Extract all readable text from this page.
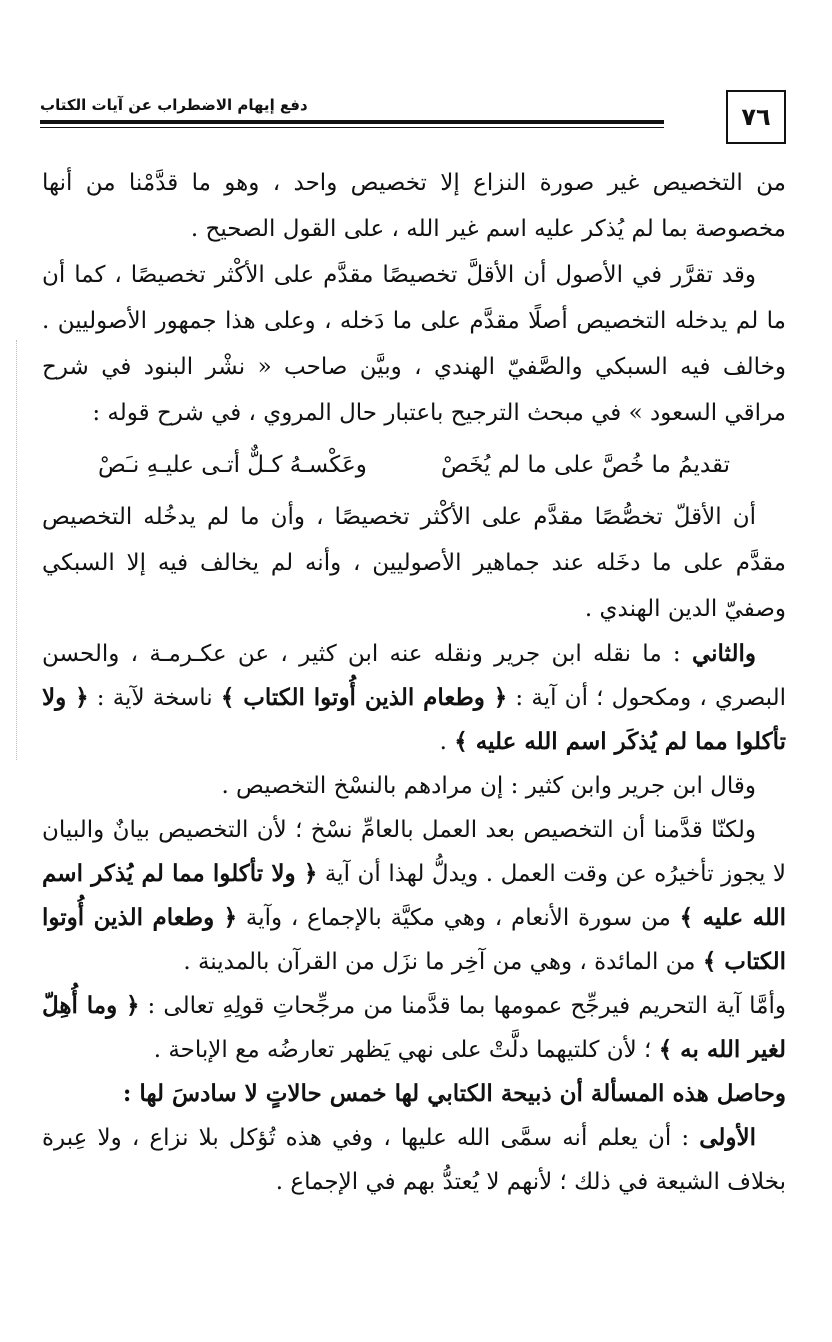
دفع إيهام الاضطراب عن آيات الكتاب	٧٦

من التخصيص غير صورة النزاع إلا تخصيص واحد ، وهو ما قدَّمْنا من أنها مخصوصة بما لم يُذكر عليه اسم غير الله ، على القول الصحيح .

وقد تقرَّر في الأصول أن الأقلَّ تخصيصًا مقدَّم على الأكْثر تخصيصًا ، كما أن ما لم يدخله التخصيص أصلًا مقدَّم على ما دَخله ، وعلى هذا جمهور الأصوليين . وخالف فيه السبكي والصَّفيّ الهندي ، وبيَّن صاحب « نشْر البنود في شرح مراقي السعود » في مبحث الترجيح باعتبار حال المروي ، في شرح قوله :

تقديمُ ما خُصَّ على ما لم يُخَصْ
وعَكْسـهُ كـلٌّ أتـى عليـهِ نـَصْ

أن الأقلّ تخصُّصًا مقدَّم على الأكْثر تخصيصًا ، وأن ما لم يدخُله التخصيص مقدَّم على ما دخَله عند جماهير الأصوليين ، وأنه لم يخالف فيه إلا السبكي وصفيّ الدين الهندي .

والثاني : ما نقله ابن جرير ونقله عنه ابن كثير ، عن عكـرمـة ، والحسن البصري ، ومكحول ؛ أن آية : ﴿ وطعام الذين أُوتوا الكتاب ﴾ ناسخة لآية : ﴿ ولا تأكلوا مما لم يُذكَر اسم الله عليه ﴾ .

وقال ابن جرير وابن كثير : إن مرادهم بالنسْخ التخصيص .

ولكنّا قدَّمنا أن التخصيص بعد العمل بالعامِّ نسْخ ؛ لأن التخصيص بيانٌ والبيان لا يجوز تأخيرُه عن وقت العمل . ويدلُّ لهذا أن آية ﴿ ولا تأكلوا مما لم يُذكر اسم الله عليه ﴾ من سورة الأنعام ، وهي مكيَّة بالإجماع ، وآية ﴿ وطعام الذين أُوتوا الكتاب ﴾ من المائدة ، وهي من آخِر ما نزَل من القرآن بالمدينة .

وأمَّا آية التحريم فيرجِّح عمومها بما قدَّمنا من مرجِّحاتِ قولِهِ تعالى : ﴿ وما أُهِلّ لغير الله به ﴾ ؛ لأن كلتيهما دلَّتْ على نهي يَظهر تعارضُه مع الإباحة .

وحاصل هذه المسألة أن ذبيحة الكتابي لها خمس حالاتٍ لا سادسَ لها :

الأولى : أن يعلم أنه سمَّى الله عليها ، وفي هذه تُؤكل بلا نزاع ، ولا عِبرة بخلاف الشيعة في ذلك ؛ لأنهم لا يُعتدُّ بهم في الإجماع .
